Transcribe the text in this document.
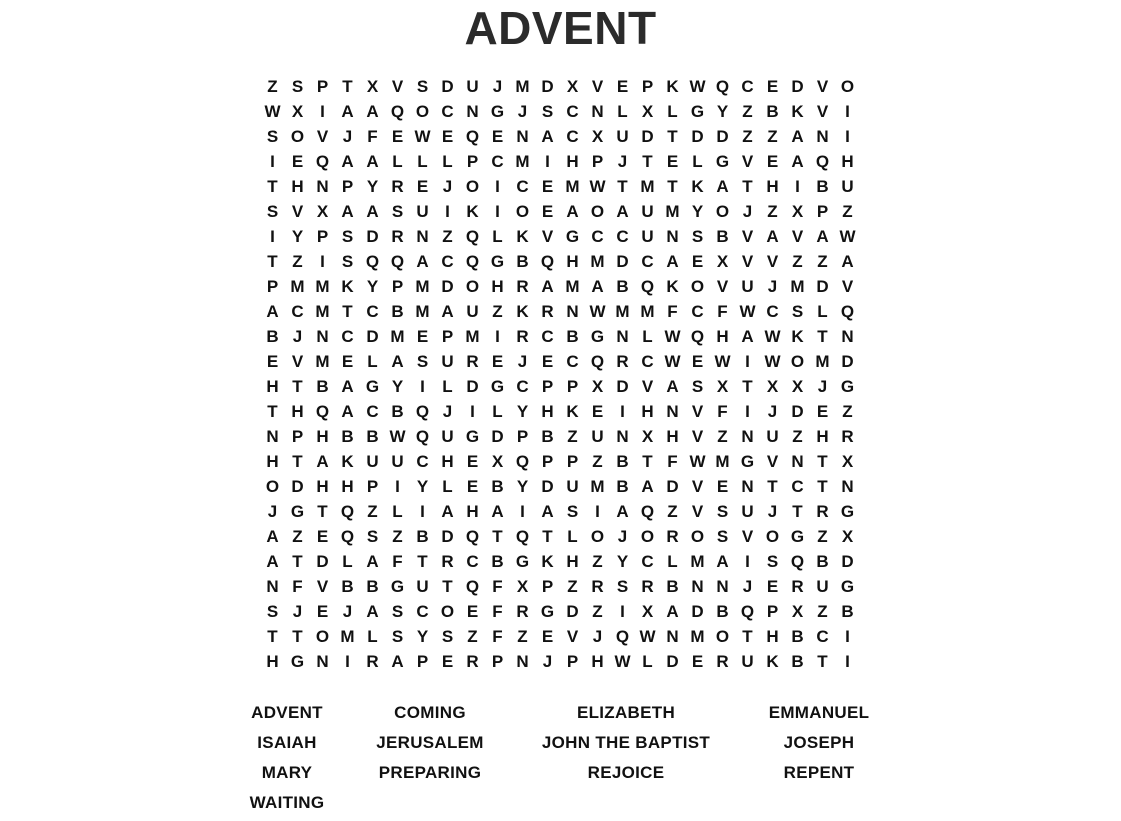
ADVENT
Z S P T X V S D U J M D X V E P K W Q C E D V O
W X I A A Q O C N G J S C N L X L G Y Z B K V I
S O V J F E W E Q E N A C X U D T D D Z Z A N I
I E Q A A L L L P C M I H P J T E L G V E A Q H
T H N P Y R E J O I C E M W T M T K A T H I B U
S V X A A S U I K I O E A O A U M Y O J Z X P Z
I Y P S D R N Z Q L K V G C C U N S B V A V A W
T Z	I S Q Q A C Q G B Q H M D C A E X V V Z Z A
P M M K Y P M D O H R A M A B Q K O V U J M D V
A C M T C B M A U Z K R N W M M F C F W C S L Q
B J N C D M E P M I R C B G N L W Q H A W K T N
E V M E L A S U R E J E C Q R C W E W I W O M D
H T B A G Y I	L D G C P P X D V A S X T X X J G
T H Q A C B Q J	I	L Y H K E I H N V F	I	J D E Z
N P H B B W Q U G D P B Z U N X H V Z N U Z H R
H T A K U U C H E X Q P P Z B T F W M G V N T X
O D H H P I Y L E B Y D U M B A D V E N T C T N
J G T Q Z L	I A H A I A S I A Q Z V S U J T R G
A Z E Q S Z B D Q T Q T L O J O R O S V O G Z X
A T D L A F T R C B G K H Z Y C L M A I S Q B D
N F V B B G U T Q F X P Z R S R B N N J E R U G
S J E J A S C O E F R G D Z	I X A D B Q P X Z B
T T O M L S Y S Z F Z E V J Q W N M O T H B C I
H G N I R A P E R P N J P H W L D E R U K B T	I
ADVENT	COMING	ELIZABETH	EMMANUEL
ISAIAH	JERUSALEM	JOHN THE BAPTIST	JOSEPH
MARY	PREPARING	REJOICE	REPENT
WAITING
